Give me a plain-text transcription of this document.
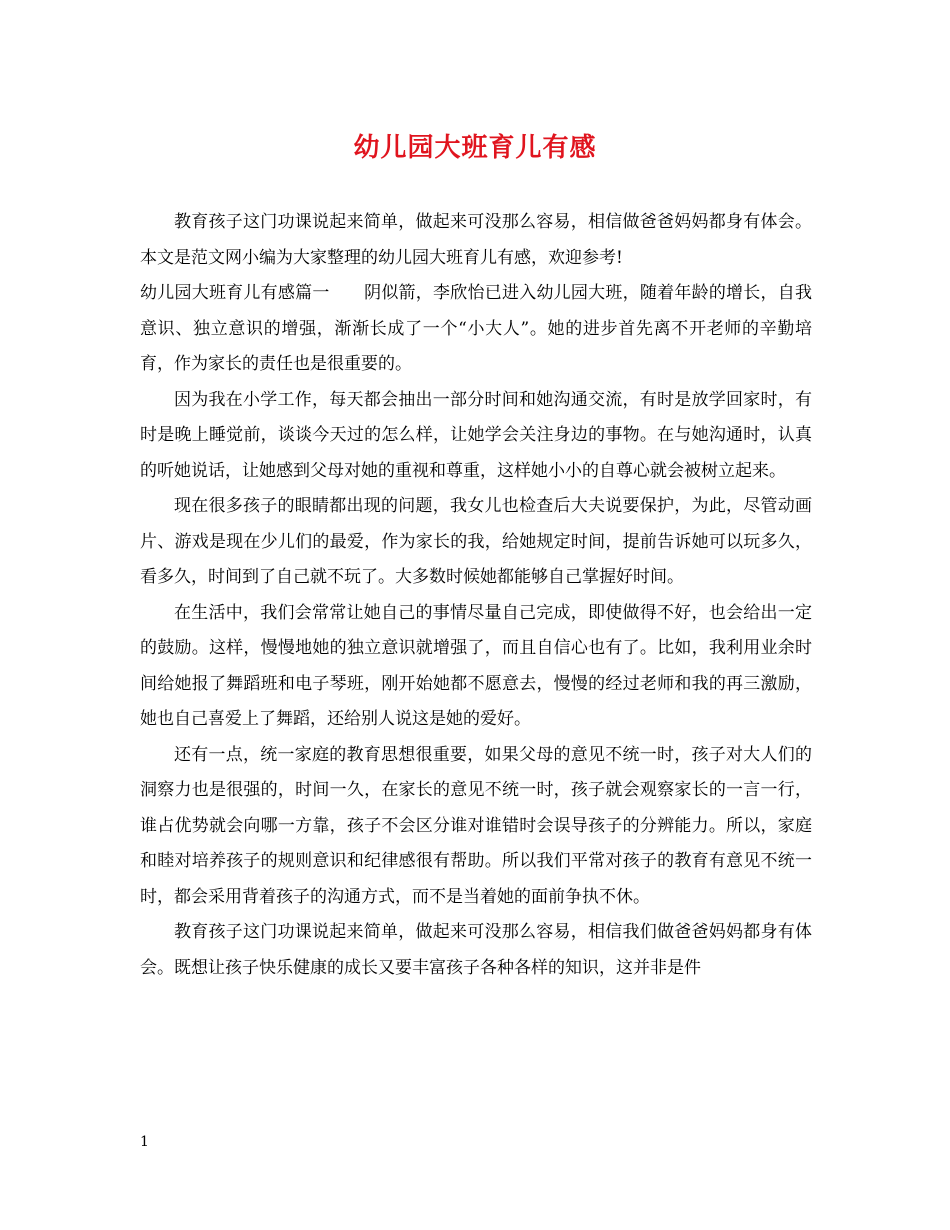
幼儿园大班育儿有感

教育孩子这门功课说起来简单，做起来可没那么容易，相信做爸爸妈妈都身有体会。本文是范文网小编为大家整理的幼儿园大班育儿有感，欢迎参考!

幼儿园大班育儿有感篇一　　阴似箭，李欣怡已进入幼儿园大班，随着年龄的增长，自我意识、独立意识的增强，渐渐长成了一个“小大人”。她的进步首先离不开老师的辛勤培育，作为家长的责任也是很重要的。

因为我在小学工作，每天都会抽出一部分时间和她沟通交流，有时是放学回家时，有时是晚上睡觉前，谈谈今天过的怎么样，让她学会关注身边的事物。在与她沟通时，认真的听她说话，让她感到父母对她的重视和尊重，这样她小小的自尊心就会被树立起来。

现在很多孩子的眼睛都出现的问题，我女儿也检查后大夫说要保护，为此，尽管动画片、游戏是现在少儿们的最爱，作为家长的我，给她规定时间，提前告诉她可以玩多久，看多久，时间到了自己就不玩了。大多数时候她都能够自己掌握好时间。

在生活中，我们会常常让她自己的事情尽量自己完成，即使做得不好，也会给出一定的鼓励。这样，慢慢地她的独立意识就增强了，而且自信心也有了。比如，我利用业余时间给她报了舞蹈班和电子琴班，刚开始她都不愿意去，慢慢的经过老师和我的再三激励，她也自己喜爱上了舞蹈，还给别人说这是她的爱好。

还有一点，统一家庭的教育思想很重要，如果父母的意见不统一时，孩子对大人们的洞察力也是很强的，时间一久，在家长的意见不统一时，孩子就会观察家长的一言一行，谁占优势就会向哪一方靠，孩子不会区分谁对谁错时会误导孩子的分辨能力。所以，家庭和睦对培养孩子的规则意识和纪律感很有帮助。所以我们平常对孩子的教育有意见不统一时，都会采用背着孩子的沟通方式，而不是当着她的面前争执不休。

教育孩子这门功课说起来简单，做起来可没那么容易，相信我们做爸爸妈妈都身有体会。既想让孩子快乐健康的成长又要丰富孩子各种各样的知识，这并非是件

1
